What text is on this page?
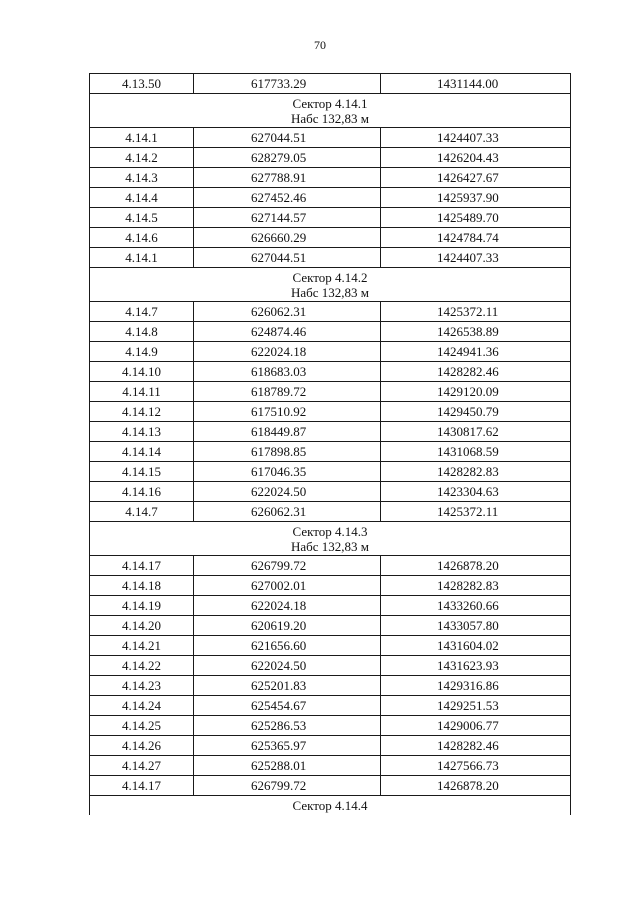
70
4.13.50	617733.29	1431144.00

Сектор 4.14.1
Набс 132,83 м		

4.14.1	627044.51	1424407.33
4.14.2	628279.05	1426204.43
4.14.3	627788.91	1426427.67
4.14.4	627452.46	1425937.90
4.14.5	627144.57	1425489.70
4.14.6	626660.29	1424784.74
4.14.1	627044.51	1424407.33

Сектор 4.14.2
Набс 132,83 м		

4.14.7	626062.31	1425372.11
4.14.8	624874.46	1426538.89
4.14.9	622024.18	1424941.36
4.14.10	618683.03	1428282.46
4.14.11	618789.72	1429120.09
4.14.12	617510.92	1429450.79
4.14.13	618449.87	1430817.62
4.14.14	617898.85	1431068.59
4.14.15	617046.35	1428282.83
4.14.16	622024.50	1423304.63
4.14.7	626062.31	1425372.11

Сектор 4.14.3
Набс 132,83 м		

4.14.17	626799.72	1426878.20
4.14.18	627002.01	1428282.83
4.14.19	622024.18	1433260.66
4.14.20	620619.20	1433057.80
4.14.21	621656.60	1431604.02
4.14.22	622024.50	1431623.93
4.14.23	625201.83	1429316.86
4.14.24	625454.67	1429251.53
4.14.25	625286.53	1429006.77
4.14.26	625365.97	1428282.46
4.14.27	625288.01	1427566.73
4.14.17	626799.72	1426878.20

Сектор 4.14.4		
